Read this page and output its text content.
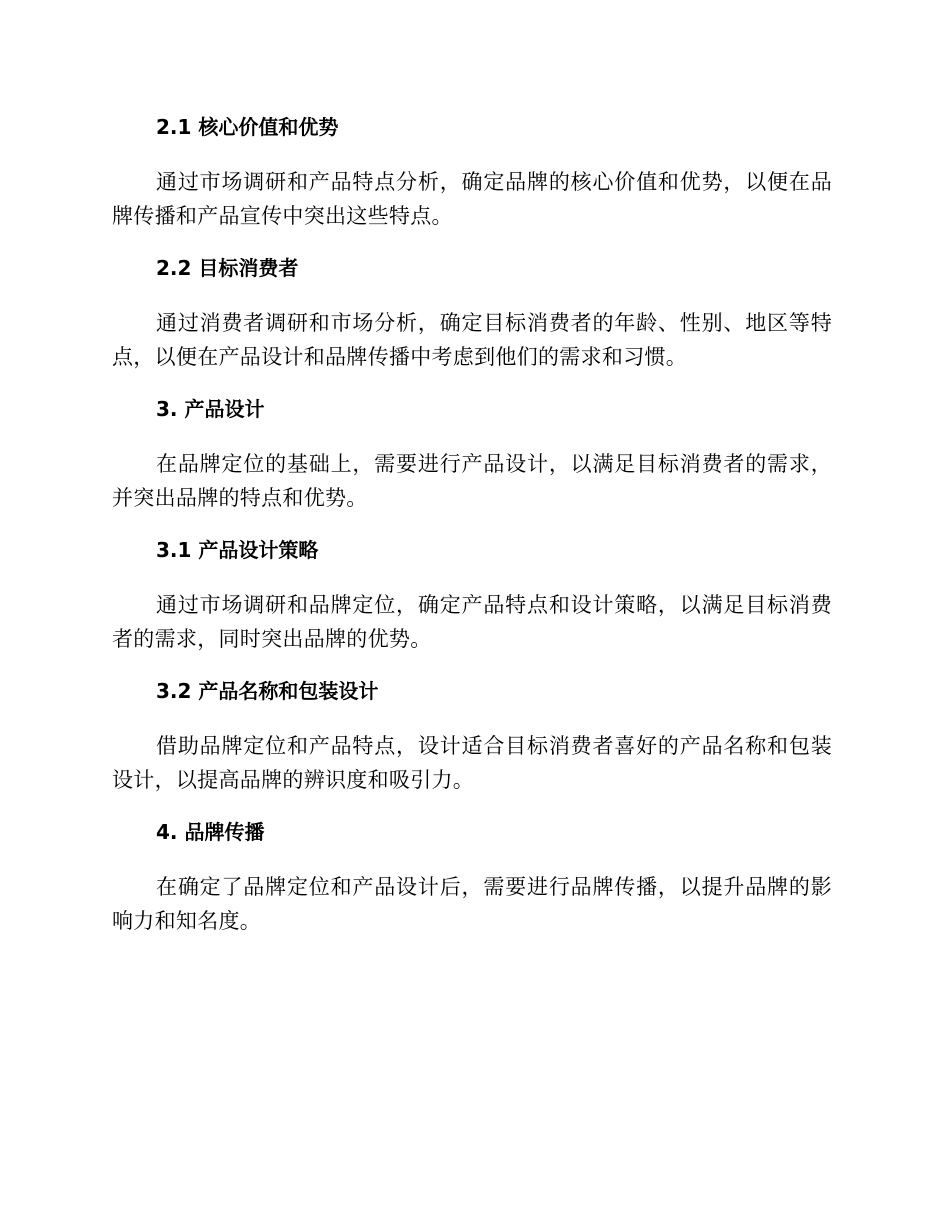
2.1 核心价值和优势

通过市场调研和产品特点分析，确定品牌的核心价值和优势，以便在品牌传播和产品宣传中突出这些特点。

2.2 目标消费者

通过消费者调研和市场分析，确定目标消费者的年龄、性别、地区等特点，以便在产品设计和品牌传播中考虑到他们的需求和习惯。

3. 产品设计

在品牌定位的基础上，需要进行产品设计，以满足目标消费者的需求，并突出品牌的特点和优势。

3.1 产品设计策略

通过市场调研和品牌定位，确定产品特点和设计策略，以满足目标消费者的需求，同时突出品牌的优势。

3.2 产品名称和包装设计

借助品牌定位和产品特点，设计适合目标消费者喜好的产品名称和包装设计，以提高品牌的辨识度和吸引力。

4. 品牌传播

在确定了品牌定位和产品设计后，需要进行品牌传播，以提升品牌的影响力和知名度。
